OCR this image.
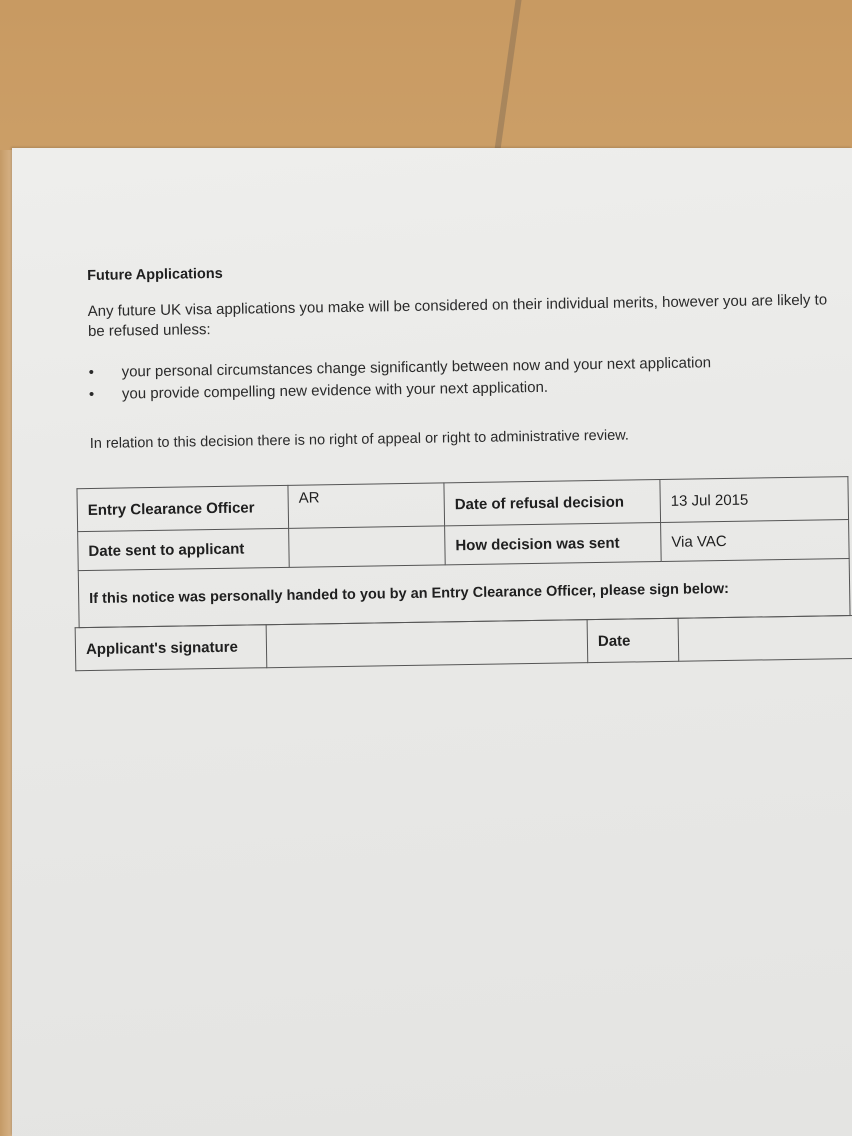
Future Applications

Any future UK visa applications you make will be considered on their individual merits, however you are likely to be refused unless:

• your personal circumstances change significantly between now and your next application
• you provide compelling new evidence with your next application.

In relation to this decision there is no right of appeal or right to administrative review.

Entry Clearance Officer	AR	Date of refusal decision	13 Jul 2015
Date sent to applicant		How decision was sent	Via VAC
If this notice was personally handed to you by an Entry Clearance Officer, please sign below:			
Applicant's signature		Date	
